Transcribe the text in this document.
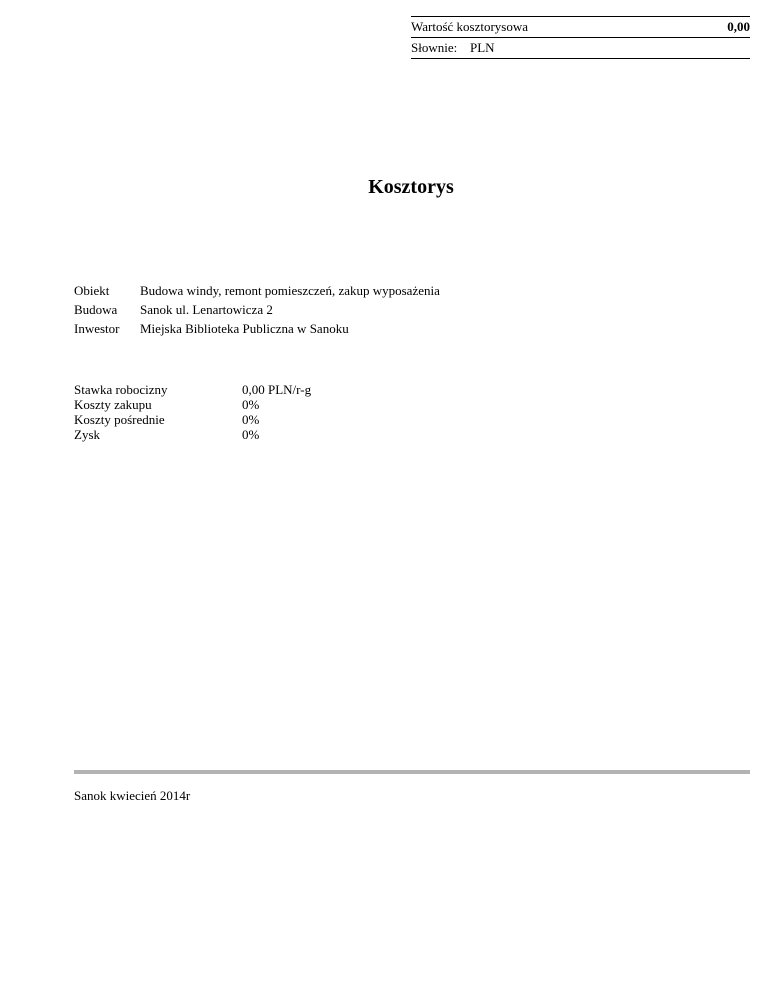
Wartość kosztorysowa	0,00
Słownie: PLN
Kosztorys
Obiekt	Budowa windy, remont pomieszczeń, zakup wyposażenia
Budowa	Sanok ul. Lenartowicza 2
Inwestor	Miejska Biblioteka Publiczna w Sanoku
Stawka robocizny	0,00 PLN/r-g
Koszty zakupu	0%
Koszty pośrednie	0%
Zysk	0%
Sanok kwiecień 2014r
